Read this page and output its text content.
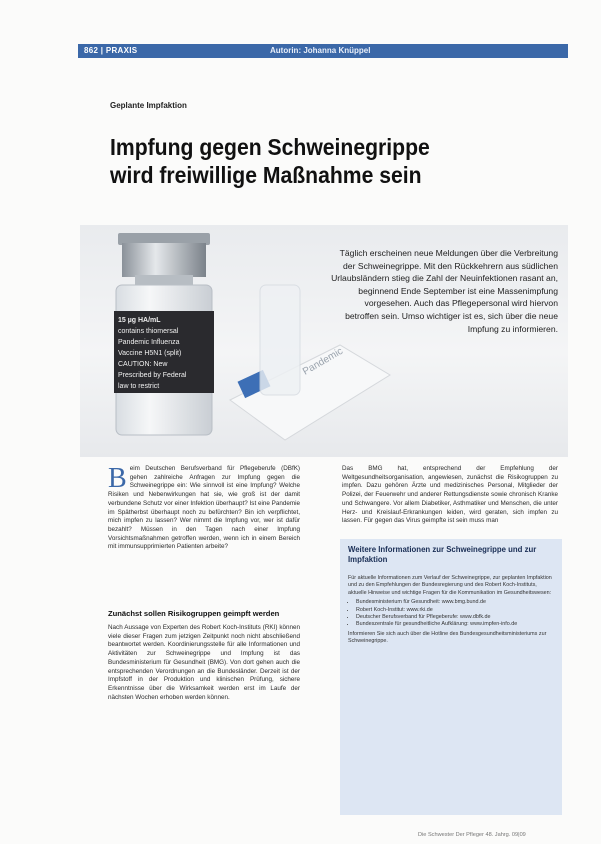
862 | PRAXIS	Autorin: Johanna Knüppel
Geplante Impfaktion
Impfung gegen Schweinegrippe
wird freiwillige Maßnahme sein
Pandemic
15 µg HA/mL
contains thiomersal
Pandemic Influenza
Vaccine H5N1 (split)
CAUTION: New
Prescribed by Federal
law to restrict
Täglich erscheinen neue Meldungen über die Verbreitung der Schweinegrippe. Mit den Rückkehrern aus südlichen Urlaubsländern stieg die Zahl der Neuinfektionen rasant an, beginnend Ende September ist eine Massenimpfung vorgesehen. Auch das Pflegepersonal wird hiervon betroffen sein. Umso wichtiger ist es, sich über die neue Impfung zu informieren.
B eim Deutschen Berufsverband für Pflegeberufe (DBfK) gehen zahlreiche Anfragen zur Impfung gegen die Schweinegrippe ein: Wie sinnvoll ist eine Impfung? Welche Risiken und Nebenwirkungen hat sie, wie groß ist der damit verbundene Schutz vor einer Infektion überhaupt? Ist eine Pandemie im Spätherbst überhaupt noch zu befürchten? Bin ich verpflichtet, mich impfen zu lassen? Wer nimmt die Impfung vor, wer ist dafür bezahlt? Müssen in den Tagen nach einer Impfung Vorsichtsmaßnahmen getroffen werden, wenn ich in einem Bereich mit immunsupprimierten Patienten arbeite?
Zunächst sollen Risikogruppen geimpft werden
Nach Aussage von Experten des Robert Koch-Instituts (RKI) können viele dieser Fragen zum jetzigen Zeitpunkt noch nicht abschließend beantwortet werden. Koordinierungsstelle für alle Informationen und Aktivitäten zur Schweinegrippe und Impfung ist das Bundesministerium für Gesundheit (BMG). Von dort gehen auch die entsprechenden Verordnungen an die Bundesländer. Derzeit ist der Impfstoff in der Produktion und klinischen Prüfung, sichere Erkenntnisse über die Wirksamkeit werden erst im Laufe der nächsten Wochen erhoben werden können.
Das BMG hat, entsprechend der Empfehlung der Weltgesundheitsorganisation, angewiesen, zunächst die Risikogruppen zu impfen. Dazu gehören Ärzte und medizinisches Personal, Mitglieder der Polizei, der Feuerwehr und anderer Rettungsdienste sowie chronisch Kranke und Schwangere. Vor allem Diabetiker, Asthmatiker und Menschen, die unter Herz- und Kreislauf-Erkrankungen leiden, wird geraten, sich impfen zu lassen. Für gegen das Virus geimpfte ist sein muss man
Weitere Informationen zur Schweinegrippe und zur Impfaktion
Für aktuelle Informationen zum Verlauf der Schweinegrippe, zur geplanten Impfaktion und zu den Empfehlungen der Bundesregierung und des Robert Koch-Instituts, aktuelle Hinweise und wichtige Fragen für die Kommunikation im Gesundheitswesen:
• Bundesministerium für Gesundheit: www.bmg.bund.de
• Robert Koch-Institut: www.rki.de
• Deutscher Berufsverband für Pflegeberufe: www.dbfk.de
• Bundeszentrale für gesundheitliche Aufklärung: www.impfen-info.de
Informieren Sie sich auch über die Hotline des Bundesgesundheitsministeriums zur Schweinegrippe.
Die Schwester Der Pfleger 48. Jahrg. 09|09
